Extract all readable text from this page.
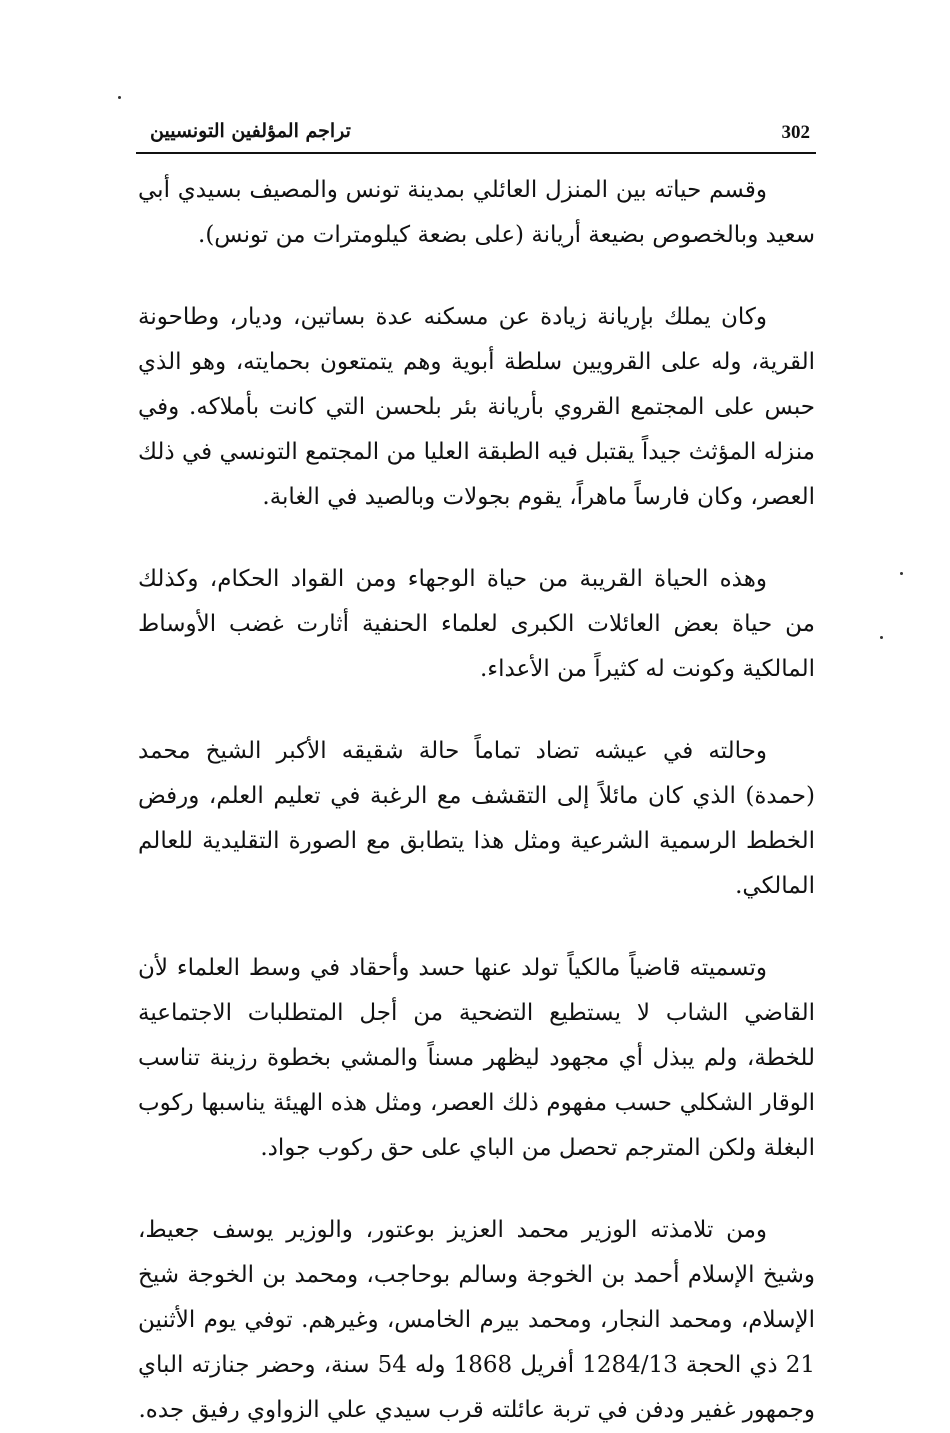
تراجم المؤلفين التونسيين	302

وقسم حياته بين المنزل العائلي بمدينة تونس والمصيف بسيدي أبي سعيد وبالخصوص بضيعة أريانة (على بضعة كيلومترات من تونس).

وكان يملك بإريانة زيادة عن مسكنه عدة بساتين، وديار، وطاحونة القرية، وله على القرويين سلطة أبوية وهم يتمتعون بحمايته، وهو الذي حبس على المجتمع القروي بأريانة بئر بلحسن التي كانت بأملاكه. وفي منزله المؤثث جيداً يقتبل فيه الطبقة العليا من المجتمع التونسي في ذلك العصر، وكان فارساً ماهراً، يقوم بجولات وبالصيد في الغابة.

وهذه الحياة القريبة من حياة الوجهاء ومن القواد الحكام، وكذلك من حياة بعض العائلات الكبرى لعلماء الحنفية أثارت غضب الأوساط المالكية وكونت له كثيراً من الأعداء.

وحالته في عيشه تضاد تماماً حالة شقيقه الأكبر الشيخ محمد (حمدة) الذي كان مائلاً إلى التقشف مع الرغبة في تعليم العلم، ورفض الخطط الرسمية الشرعية ومثل هذا يتطابق مع الصورة التقليدية للعالم المالكي.

وتسميته قاضياً مالكياً تولد عنها حسد وأحقاد في وسط العلماء لأن القاضي الشاب لا يستطيع التضحية من أجل المتطلبات الاجتماعية للخطة، ولم يبذل أي مجهود ليظهر مسناً والمشي بخطوة رزينة تناسب الوقار الشكلي حسب مفهوم ذلك العصر، ومثل هذه الهيئة يناسبها ركوب البغلة ولكن المترجم تحصل من الباي على حق ركوب جواد.

ومن تلامذته الوزير محمد العزيز بوعتور، والوزير يوسف جعيط، وشيخ الإسلام أحمد بن الخوجة وسالم بوحاجب، ومحمد بن الخوجة شيخ الإسلام، ومحمد النجار، ومحمد بيرم الخامس، وغيرهم. توفي يوم الأثنين 21 ذي الحجة 1284/13 أفريل 1868 وله 54 سنة، وحضر جنازته الباي وجمهور غفير ودفن في تربة عائلته قرب سيدي علي الزواوي رفيق جده.
